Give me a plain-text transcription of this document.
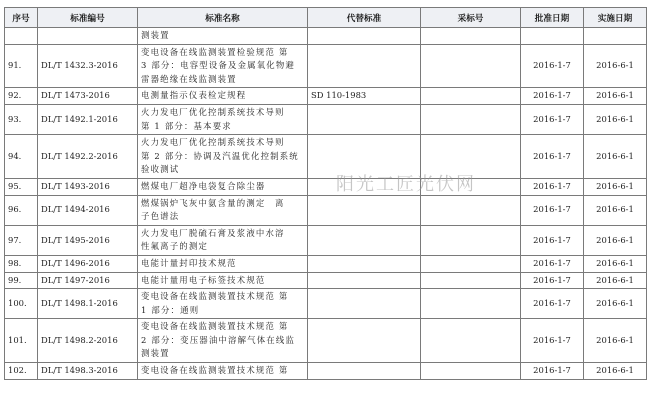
序号	标准编号	标准名称	代替标准	采标号	批准日期	实施日期

		测装置				

91.	DL/T 1432.3-2016	变电设备在线监测装置检验规范 第
3 部分：电容型设备及金属氧化物避
雷器绝缘在线监测装置			2016-1-7	2016-6-1
92.	DL/T 1473-2016	电测量指示仪表检定规程	SD 110-1983		2016-1-7	2016-6-1
93.	DL/T 1492.1-2016	火力发电厂优化控制系统技术导则
第 1 部分：基本要求			2016-1-7	2016-6-1
94.	DL/T 1492.2-2016	火力发电厂优化控制系统技术导则
第 2 部分：协调及汽温优化控制系统
验收测试			2016-1-7	2016-6-1
95.	DL/T 1493-2016	燃煤电厂超净电袋复合除尘器			2016-1-7	2016-6-1
96.	DL/T 1494-2016	燃煤锅炉飞灰中氨含量的测定　离
子色谱法			2016-1-7	2016-6-1
97.	DL/T 1495-2016	火力发电厂脱硫石膏及浆液中水溶
性氟离子的测定			2016-1-7	2016-6-1
98.	DL/T 1496-2016	电能计量封印技术规范			2016-1-7	2016-6-1
99.	DL/T 1497-2016	电能计量用电子标签技术规范			2016-1-7	2016-6-1
100.	DL/T 1498.1-2016	变电设备在线监测装置技术规范 第
1 部分：通则			2016-1-7	2016-6-1
101.	DL/T 1498.2-2016	变电设备在线监测装置技术规范 第
2 部分：变压器油中溶解气体在线监
测装置			2016-1-7	2016-6-1
102.	DL/T 1498.3-2016	变电设备在线监测装置技术规范 第			2016-1-7	2016-6-1
阳光工匠光伏网
